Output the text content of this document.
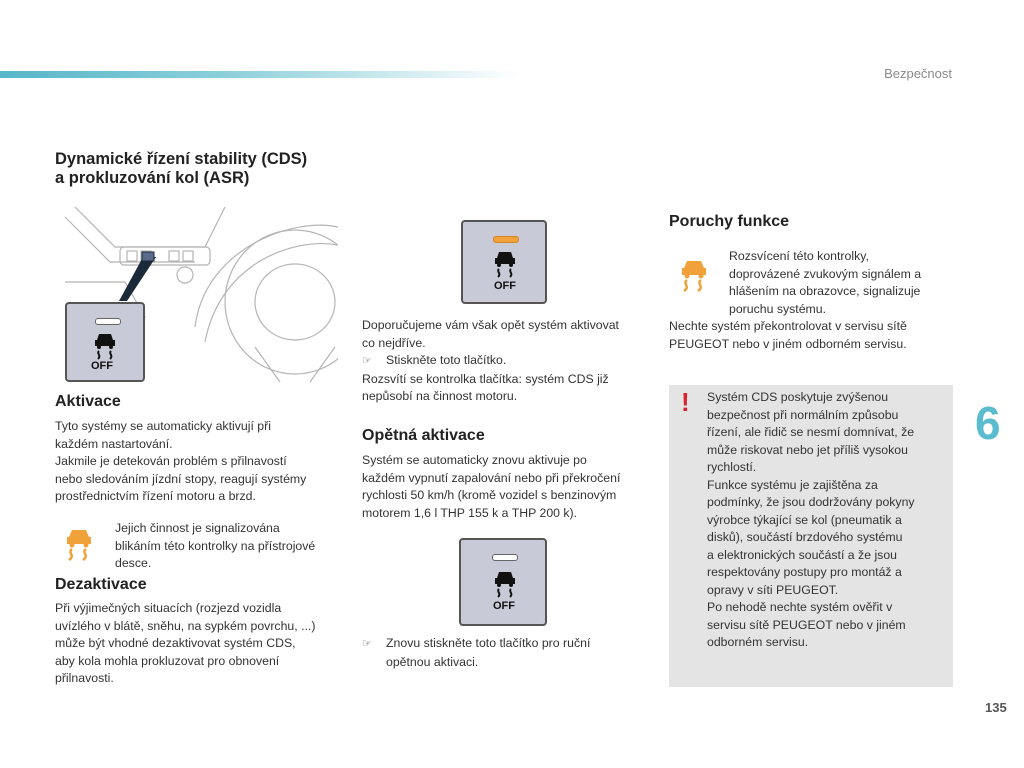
Bezpečnost
Dynamické řízení stability (CDS)
a prokluzování kol (ASR)
OFF
Aktivace
Tyto systémy se automaticky aktivují při
každém nastartování.
Jakmile je detekován problém s přilnavostí
nebo sledováním jízdní stopy, reagují systémy
prostřednictvím řízení motoru a brzd.
Jejich činnost je signalizována
blikáním této kontrolky na přístrojové
desce.
Dezaktivace
Při výjimečných situacích (rozjezd vozidla
uvízlého v blátě, sněhu, na sypkém povrchu, ...)
může být vhodné dezaktivovat systém CDS,
aby kola mohla prokluzovat pro obnovení
přilnavosti.
OFF
Doporučujeme vám však opět systém aktivovat
co nejdříve.
☞ Stiskněte toto tlačítko.
Rozsvítí se kontrolka tlačítka: systém CDS již
nepůsobí na činnost motoru.
Opětná aktivace
Systém se automaticky znovu aktivuje po
každém vypnutí zapalování nebo při překročení
rychlosti 50 km/h (kromě vozidel s benzinovým
motorem 1,6 l THP 155 k a THP 200 k).
OFF
☞ Znovu stiskněte toto tlačítko pro ruční
opětnou aktivaci.
Poruchy funkce
Rozsvícení této kontrolky,
doprovázené zvukovým signálem a
hlášením na obrazovce, signalizuje
poruchu systému.
Nechte systém překontrolovat v servisu sítě
PEUGEOT nebo v jiném odborném servisu.
! Systém CDS poskytuje zvýšenou
bezpečnost při normálním způsobu
řízení, ale řidič se nesmí domnívat, že
může riskovat nebo jet příliš vysokou
rychlostí.
Funkce systému je zajištěna za
podmínky, že jsou dodržovány pokyny
výrobce týkající se kol (pneumatik a
disků), součástí brzdového systému
a elektronických součástí a že jsou
respektovány postupy pro montáž a
opravy v síti PEUGEOT.
Po nehodě nechte systém ověřit v
servisu sítě PEUGEOT nebo v jiném
odborném servisu.
6
135
